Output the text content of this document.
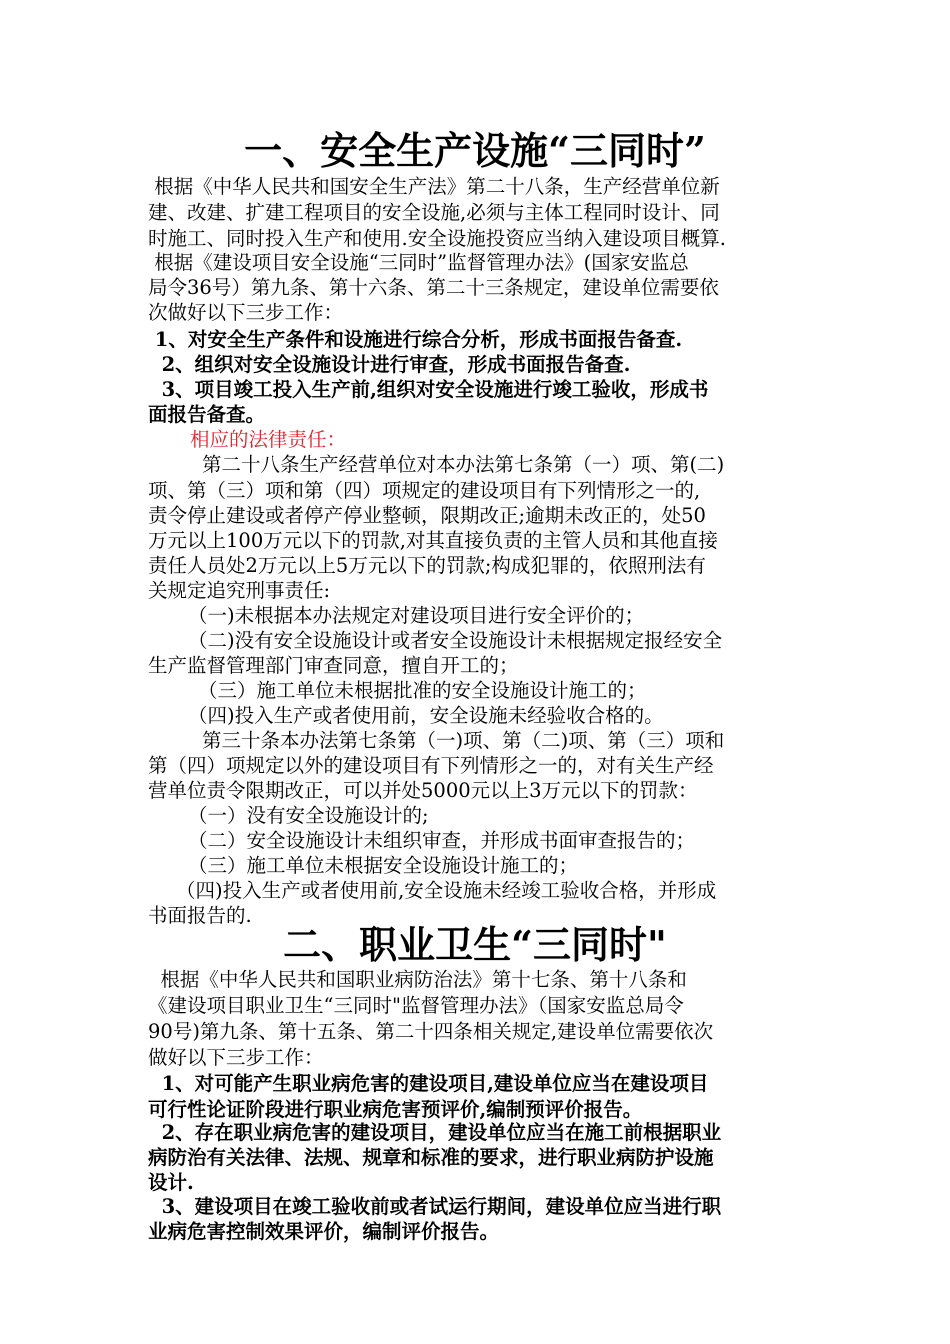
一、安全生产设施“三同时”
根据《中华人民共和国安全生产法》第二十八条，生产经营单位新
建、改建、扩建工程项目的安全设施,必须与主体工程同时设计、同
时施工、同时投入生产和使用.安全设施投资应当纳入建设项目概算.
根据《建设项目安全设施“三同时”监督管理办法》(国家安监总
局令36号）第九条、第十六条、第二十三条规定，建设单位需要依
次做好以下三步工作：
1、对安全生产条件和设施进行综合分析，形成书面报告备查.
2、组织对安全设施设计进行审查，形成书面报告备查.
3、项目竣工投入生产前,组织对安全设施进行竣工验收，形成书
面报告备查。
相应的法律责任：
第二十八条生产经营单位对本办法第七条第（一）项、第(二)
项、第（三）项和第（四）项规定的建设项目有下列情形之一的,
责令停止建设或者停产停业整顿，限期改正;逾期未改正的，处50
万元以上100万元以下的罚款,对其直接负责的主管人员和其他直接
责任人员处2万元以上5万元以下的罚款;构成犯罪的，依照刑法有
关规定追究刑事责任:
（一)未根据本办法规定对建设项目进行安全评价的；
（二)没有安全设施设计或者安全设施设计未根据规定报经安全
生产监督管理部门审查同意，擅自开工的；
（三）施工单位未根据批准的安全设施设计施工的；
（四)投入生产或者使用前，安全设施未经验收合格的。
第三十条本办法第七条第（一)项、第（二)项、第（三）项和
第（四）项规定以外的建设项目有下列情形之一的，对有关生产经
营单位责令限期改正，可以并处5000元以上3万元以下的罚款：
（一）没有安全设施设计的;
（二）安全设施设计未组织审查，并形成书面审查报告的；
（三）施工单位未根据安全设施设计施工的；
（四)投入生产或者使用前,安全设施未经竣工验收合格，并形成
书面报告的.
二、职业卫生“三同时"
根据《中华人民共和国职业病防治法》第十七条、第十八条和
《建设项目职业卫生“三同时"监督管理办法》（国家安监总局令
90号)第九条、第十五条、第二十四条相关规定,建设单位需要依次
做好以下三步工作：
1、对可能产生职业病危害的建设项目,建设单位应当在建设项目
可行性论证阶段进行职业病危害预评价,编制预评价报告。
2、存在职业病危害的建设项目，建设单位应当在施工前根据职业
病防治有关法律、法规、规章和标准的要求，进行职业病防护设施
设计.
3、建设项目在竣工验收前或者试运行期间，建设单位应当进行职
业病危害控制效果评价，编制评价报告。
